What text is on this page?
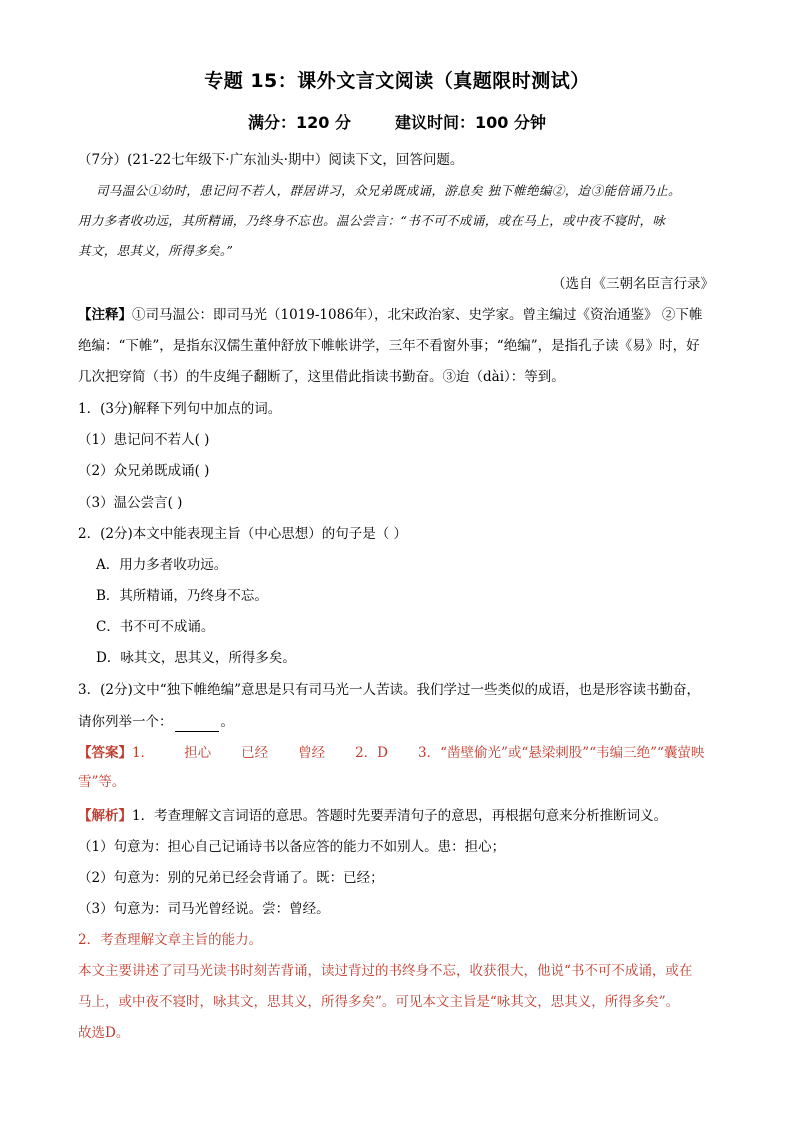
专题 15：课外文言文阅读（真题限时测试）
满分：120 分	建议时间：100 分钟
（7分）(21-22七年级下·广东汕头·期中）阅读下文，回答问题。
司马温公①幼时，患记问不若人，群居讲习，众兄弟既成诵，游息矣 独下帷绝编②，迨③能倍诵乃止。
用力多者收功远，其所精诵，乃终身不忘也。温公尝言：“书不可不成诵，或在马上，或中夜不寝时，咏
其文，思其义，所得多矣。”
（选自《三朝名臣言行录》
【注释】①司马温公：即司马光（1019-1086年），北宋政治家、史学家。曾主编过《资治通鉴》 ②下帷
绝编：“下帷”，是指东汉儒生董仲舒放下帷帐讲学，三年不看窗外事；“绝编”，是指孔子读《易》时，好
几次把穿简（书）的牛皮绳子翻断了，这里借此指读书勤奋。③迨（dài）：等到。
1．(3分)解释下列句中加点的词。
（1）患记问不若人( )
（2）众兄弟既成诵( )
（3）温公尝言( )
2．(2分)本文中能表现主旨（中心思想）的句子是（ ）
A．用力多者收功远。
B．其所精诵，乃终身不忘。
C．书不可不成诵。
D．咏其文，思其义，所得多矣。
3．(2分)文中“独下帷绝编”意思是只有司马光一人苦读。我们学过一些类似的成语，也是形容读书勤奋，
请你列举一个：	。
【答案】1． 担心 已经 曾经 2．D 3．“凿壁偷光”或“悬梁刺股”“韦编三绝”“囊萤映
雪”等。
【解析】1．考查理解文言词语的意思。答题时先要弄清句子的意思，再根据句意来分析推断词义。
（1）句意为：担心自己记诵诗书以备应答的能力不如别人。患：担心；
（2）句意为：别的兄弟已经会背诵了。既：已经；
（3）句意为：司马光曾经说。尝：曾经。
2．考查理解文章主旨的能力。
本文主要讲述了司马光读书时刻苦背诵，读过背过的书终身不忘，收获很大，他说“书不可不成诵，或在
马上，或中夜不寝时，咏其文，思其义，所得多矣”。可见本文主旨是“咏其文，思其义，所得多矣”。
故选D。
